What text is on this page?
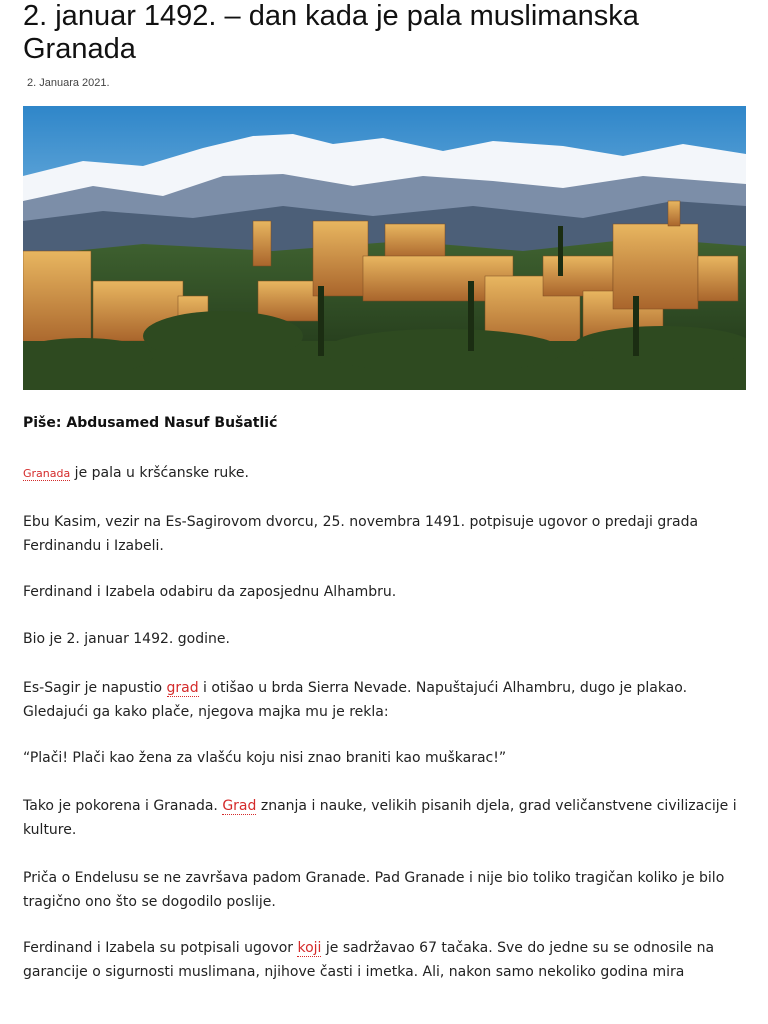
2. januar 1492. – dan kada je pala muslimanska Granada
2. Januara 2021.

Piše: Abdusamed Nasuf Bušatlić

Granada je pala u kršćanske ruke.

Ebu Kasim, vezir na Es-Sagirovom dvorcu, 25. novembra 1491. potpisuje ugovor o predaji grada Ferdinandu i Izabeli.

Ferdinand i Izabela odabiru da zaposjednu Alhambru.

Bio je 2. januar 1492. godine.

Es-Sagir je napustio grad i otišao u brda Sierra Nevade. Napuštajući Alhambru, dugo je plakao. Gledajući ga kako plače, njegova majka mu je rekla:

“Plači! Plači kao žena za vlašću koju nisi znao braniti kao muškarac!”

Tako je pokorena i Granada. Grad znanja i nauke, velikih pisanih djela, grad veličanstvene civilizacije i kulture.

Priča o Endelusu se ne završava padom Granade. Pad Granade i nije bio toliko tragičan koliko je bilo tragično ono što se dogodilo poslije.

Ferdinand i Izabela su potpisali ugovor koji je sadržavao 67 tačaka. Sve do jedne su se odnosile na garancije o sigurnosti muslimana, njihove časti i imetka. Ali, nakon samo nekoliko godina mira
